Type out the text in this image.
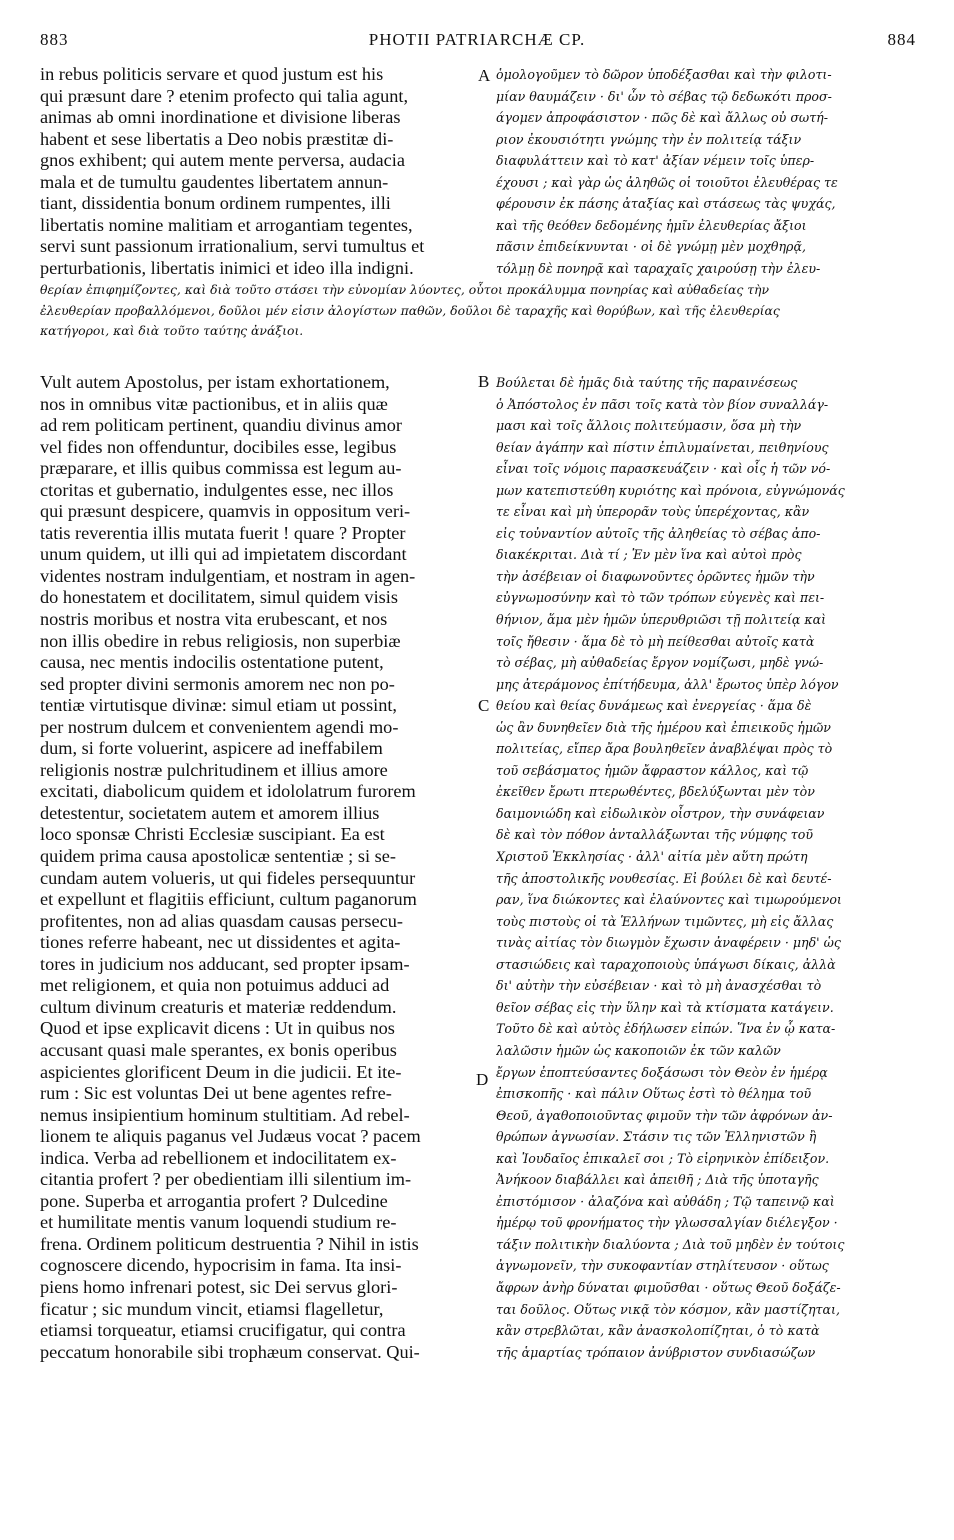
883	PHOTII PATRIARCHÆ CP.	884
in rebus politicis servare et quod justum est his
qui præsunt dare ? etenim profecto qui talia agunt,
animas ab omni inordinatione et divisione liberas
habent et sese libertatis a Deo nobis præstitæ di-
gnos exhibent; qui autem mente perversa, audacia
mala et de tumultu gaudentes libertatem annun-
tiant, dissidentia bonum ordinem rumpentes, illi
libertatis nomine malitiam et arrogantiam tegentes,
servi sunt passionum irrationalium, servi tumultus et
perturbationis, libertatis inimici et ideo illa indigni.
ὁμολογοῦμεν τὸ δῶρον ὑποδέξασθαι καὶ τὴν φιλοτι-
μίαν θαυμάζειν · δι' ὧν τὸ σέβας τῷ δεδωκότι προσ-
άγομεν ἀπροφάσιστον · πῶς δὲ καὶ ἄλλως οὐ σωτή-
ριον ἐκουσιότητι γνώμης τὴν ἐν πολιτείᾳ τάξιν
διαφυλάττειν καὶ τὸ κατ' ἀξίαν νέμειν τοῖς ὑπερ-
έχουσι ; καὶ γὰρ ὡς ἀληθῶς οἱ τοιοῦτοι ἐλευθέρας τε
φέρουσιν ἐκ πάσης ἀταξίας καὶ στάσεως τὰς ψυχάς,
καὶ τῆς θεόθεν δεδομένης ἡμῖν ἐλευθερίας ἄξιοι
πᾶσιν ἐπιδείκνυνται · οἱ δὲ γνώμῃ μὲν μοχθηρᾷ,
τόλμῃ δὲ πονηρᾷ καὶ ταραχαῖς χαιρούσῃ τὴν ἐλευ-
θερίαν ἐπιφημίζοντες, καὶ διὰ τοῦτο στάσει τὴν εὐνομίαν λύοντες, οὗτοι προκάλυμμα πονηρίας καὶ αὐθαδείας τὴν
ἐλευθερίαν προβαλλόμενοι, δοῦλοι μέν εἰσιν ἀλογίστων παθῶν, δοῦλοι δὲ ταραχῆς καὶ θορύβων, καὶ τῆς ἐλευθερίας
κατήγοροι, καὶ διὰ τοῦτο ταύτης ἀνάξιοι.
Vult autem Apostolus, per istam exhortationem,
nos in omnibus vitæ pactionibus, et in aliis quæ
ad rem politicam pertinent, quandiu divinus amor
vel fides non offenduntur, docibiles esse, legibus
præparare, et illis quibus commissa est legum au-
ctoritas et gubernatio, indulgentes esse, nec illos
qui præsunt despicere, quamvis in oppositum veri-
tatis reverentia illis mutata fuerit ! quare ? Propter
unum quidem, ut illi qui ad impietatem discordant
videntes nostram indulgentiam, et nostram in agen-
do honestatem et docilitatem, simul quidem visis
nostris moribus et nostra vita erubescant, et nos
non illis obedire in rebus religiosis, non superbiæ
causa, nec mentis indocilis ostentatione putent,
sed propter divini sermonis amorem nec non po-
tentiæ virtutisque divinæ: simul etiam ut possint,
per nostrum dulcem et convenientem agendi mo-
dum, si forte voluerint, aspicere ad ineffabilem
religionis nostræ pulchritudinem et illius amore
excitati, diabolicum quidem et idololatrum furorem
detestentur, societatem autem et amorem illius
loco sponsæ Christi Ecclesiæ suscipiant. Ea est
quidem prima causa apostolicæ sententiæ ; si se-
cundam autem volueris, ut qui fideles persequuntur
et expellunt et flagitiis efficiunt, cultum paganorum
profitentes, non ad alias quasdam causas persecu-
tiones referre habeant, nec ut dissidentes et agita-
tores in judicium nos adducant, sed propter ipsam-
met religionem, et quia non potuimus adduci ad
cultum divinum creaturis et materiæ reddendum.
Quod et ipse explicavit dicens : Ut in quibus nos
accusant quasi male sperantes, ex bonis operibus
aspicientes glorificent Deum in die judicii. Et ite-
rum : Sic est voluntas Dei ut bene agentes refre-
nemus insipientium hominum stultitiam. Ad rebel-
lionem te aliquis paganus vel Judæus vocat ? pacem
indica. Verba ad rebellionem et indocilitatem ex-
citantia profert ? per obedientiam illi silentium im-
pone. Superba et arrogantia profert ? Dulcedine
et humilitate mentis vanum loquendi studium re-
frena. Ordinem politicum destruentia ? Nihil in istis
cognoscere dicendo, hypocrisim in fama. Ita insi-
piens homo infrenari potest, sic Dei servus glori-
ficatur ; sic mundum vincit, etiamsi flagelletur,
etiamsi torqueatur, etiamsi crucifigatur, qui contra
peccatum honorabile sibi trophæum conservat. Qui-
Βούλεται δὲ ἡμᾶς διὰ ταύτης τῆς παραινέσεως
ὁ Ἀπόστολος ἐν πᾶσι τοῖς κατὰ τὸν βίον συναλλάγ-
μασι καὶ τοῖς ἄλλοις πολιτεύμασιν, ὅσα μὴ τὴν
θείαν ἀγάπην καὶ πίστιν ἐπιλυμαίνεται, πειθηνίους
εἶναι τοῖς νόμοις παρασκευάζειν · καὶ οἷς ἡ τῶν νό-
μων κατεπιστεύθη κυριότης καὶ πρόνοια, εὐγνώμονάς
τε εἶναι καὶ μὴ ὑπερορᾶν τοὺς ὑπερέχοντας, κἂν
εἰς τοὐναντίον αὐτοῖς τῆς ἀληθείας τὸ σέβας ἀπο-
διακέκριται. Διὰ τί ; Ἐν μὲν ἵνα καὶ αὐτοὶ πρὸς
τὴν ἀσέβειαν οἱ διαφωνοῦντες ὁρῶντες ἡμῶν τὴν
εὐγνωμοσύνην καὶ τὸ τῶν τρόπων εὐγενὲς καὶ πει-
θήνιον, ἅμα μὲν ἡμῶν ὑπερυθριῶσι τῇ πολιτείᾳ καὶ
τοῖς ἤθεσιν · ἅμα δὲ τὸ μὴ πείθεσθαι αὐτοῖς κατὰ
τὸ σέβας, μὴ αὐθαδείας ἔργον νομίζωσι, μηδὲ γνώ-
μης ἀτεράμονος ἐπίτήδευμα, ἀλλ' ἔρωτος ὑπὲρ λόγον
θείου καὶ θείας δυνάμεως καὶ ἐνεργείας · ἅμα δὲ
ὡς ἂν δυνηθεῖεν διὰ τῆς ἡμέρου καὶ ἐπιεικοῦς ἡμῶν
πολιτείας, εἴπερ ἄρα βουληθεῖεν ἀναβλέψαι πρὸς τὸ
τοῦ σεβάσματος ἡμῶν ἄφραστον κάλλος, καὶ τῷ
ἐκεῖθεν ἔρωτι πτερωθέντες, βδελύξωνται μὲν τὸν
δαιμονιώδη καὶ εἰδωλικὸν οἶστρον, τὴν συνάφειαν
δὲ καὶ τὸν πόθον ἀνταλλάξωνται τῆς νύμφης τοῦ
Χριστοῦ Ἐκκλησίας · ἀλλ' αἰτία μὲν αὕτη πρώτη
τῆς ἀποστολικῆς νουθεσίας. Εἰ βούλει δὲ καὶ δευτέ-
ραν, ἵνα διώκοντες καὶ ἐλαύνοντες καὶ τιμωρούμενοι
τοὺς πιστοὺς οἱ τὰ Ἑλλήνων τιμῶντες, μὴ εἰς ἄλλας
τινὰς αἰτίας τὸν διωγμὸν ἔχωσιν ἀναφέρειν · μηδ' ὡς
στασιώδεις καὶ ταραχοποιοὺς ὑπάγωσι δίκαις, ἀλλὰ
δι' αὐτὴν τὴν εὐσέβειαν · καὶ τὸ μὴ ἀνασχέσθαι τὸ
θεῖον σέβας εἰς τὴν ὕλην καὶ τὰ κτίσματα κατάγειν.
Τοῦτο δὲ καὶ αὐτὸς ἐδήλωσεν εἰπών. Ἵνα ἐν ᾧ κατα-
λαλῶσιν ἡμῶν ὡς κακοποιῶν ἐκ τῶν καλῶν
ἔργων ἐποπτεύσαντες δοξάσωσι τὸν Θεὸν ἐν ἡμέρᾳ
ἐπισκοπῆς · καὶ πάλιν Οὕτως ἐστὶ τὸ θέλημα τοῦ
Θεοῦ, ἀγαθοποιοῦντας φιμοῦν τὴν τῶν ἀφρόνων ἀν-
θρώπων ἀγνωσίαν. Στάσιν τις τῶν Ἑλληνιστῶν ἢ
καὶ Ἰουδαῖος ἐπικαλεῖ σοι ; Τὸ εἰρηνικὸν ἐπίδειξον.
Ἀνήκοον διαβάλλει καὶ ἀπειθῆ ; Διὰ τῆς ὑποταγῆς
ἐπιστόμισον · ἀλαζόνα καὶ αὐθάδη ; Τῷ ταπεινῷ καὶ
ἡμέρῳ τοῦ φρονήματος τὴν γλωσσαλγίαν διέλεγξον ·
τάξιν πολιτικὴν διαλύοντα ; Διὰ τοῦ μηδὲν ἐν τούτοις
ἀγνωμονεῖν, τὴν συκοφαντίαν στηλίτευσον · οὕτως
ἄφρων ἀνὴρ δύναται φιμοῦσθαι · οὕτως Θεοῦ δοξάζε-
ται δοῦλος. Οὕτως νικᾷ τὸν κόσμον, κἂν μαστίζηται,
κἂν στρεβλῶται, κἂν ἀνασκολοπίζηται, ὁ τὸ κατὰ
τῆς ἁμαρτίας τρόπαιον ἀνύβριστον συνδιασώζων
A
B
C
D
